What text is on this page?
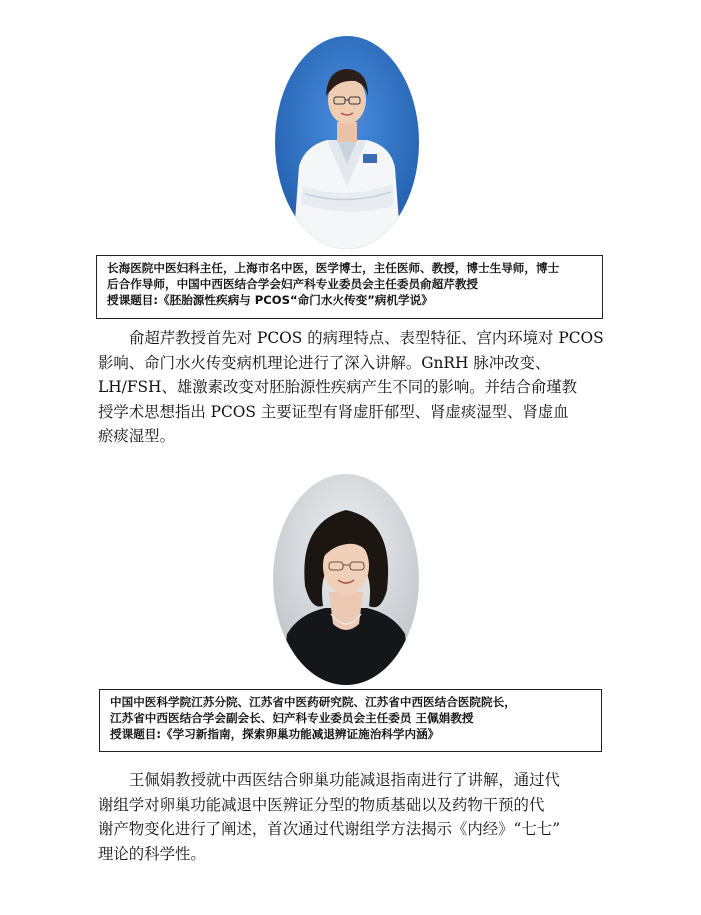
长海医院中医妇科主任，上海市名中医，医学博士，主任医师、教授，博士生导师，博士
后合作导师，中国中西医结合学会妇产科专业委员会主任委员俞超芹教授
授课题目:《胚胎源性疾病与 PCOS“命门水火传变”病机学说》
俞超芹教授首先对 PCOS 的病理特点、表型特征、宫内环境对 PCOS
影响、命门水火传变病机理论进行了深入讲解。GnRH 脉冲改变、
LH/FSH、雄激素改变对胚胎源性疾病产生不同的影响。并结合俞瑾教
授学术思想指出 PCOS 主要证型有肾虚肝郁型、肾虚痰湿型、肾虚血
瘀痰湿型。
中国中医科学院江苏分院、江苏省中医药研究院、江苏省中西医结合医院院长，
江苏省中西医结合学会副会长、妇产科专业委员会主任委员 王佩娟教授
授课题目:《学习新指南，探索卵巢功能减退辨证施治科学内涵》
王佩娟教授就中西医结合卵巢功能减退指南进行了讲解，通过代
谢组学对卵巢功能减退中医辨证分型的物质基础以及药物干预的代
谢产物变化进行了阐述，首次通过代谢组学方法揭示《内经》“七七”
理论的科学性。
